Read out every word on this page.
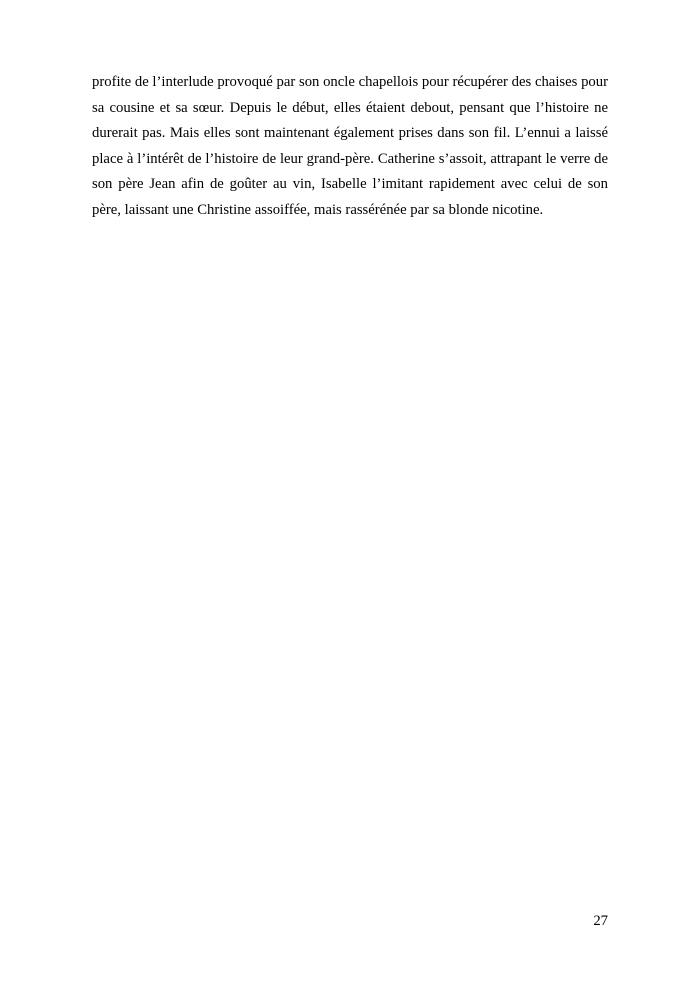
profite de l’interlude provoqué par son oncle chapellois pour récupérer des chaises pour sa cousine et sa sœur. Depuis le début, elles étaient debout, pensant que l’histoire ne durerait pas. Mais elles sont maintenant également prises dans son fil. L’ennui a laissé place à l’intérêt de l’histoire de leur grand-père. Catherine s’assoit, attrapant le verre de son père Jean afin de goûter au vin, Isabelle l’imitant rapidement avec celui de son père, laissant une Christine assoiffée, mais rassérénée par sa blonde nicotine.

27
